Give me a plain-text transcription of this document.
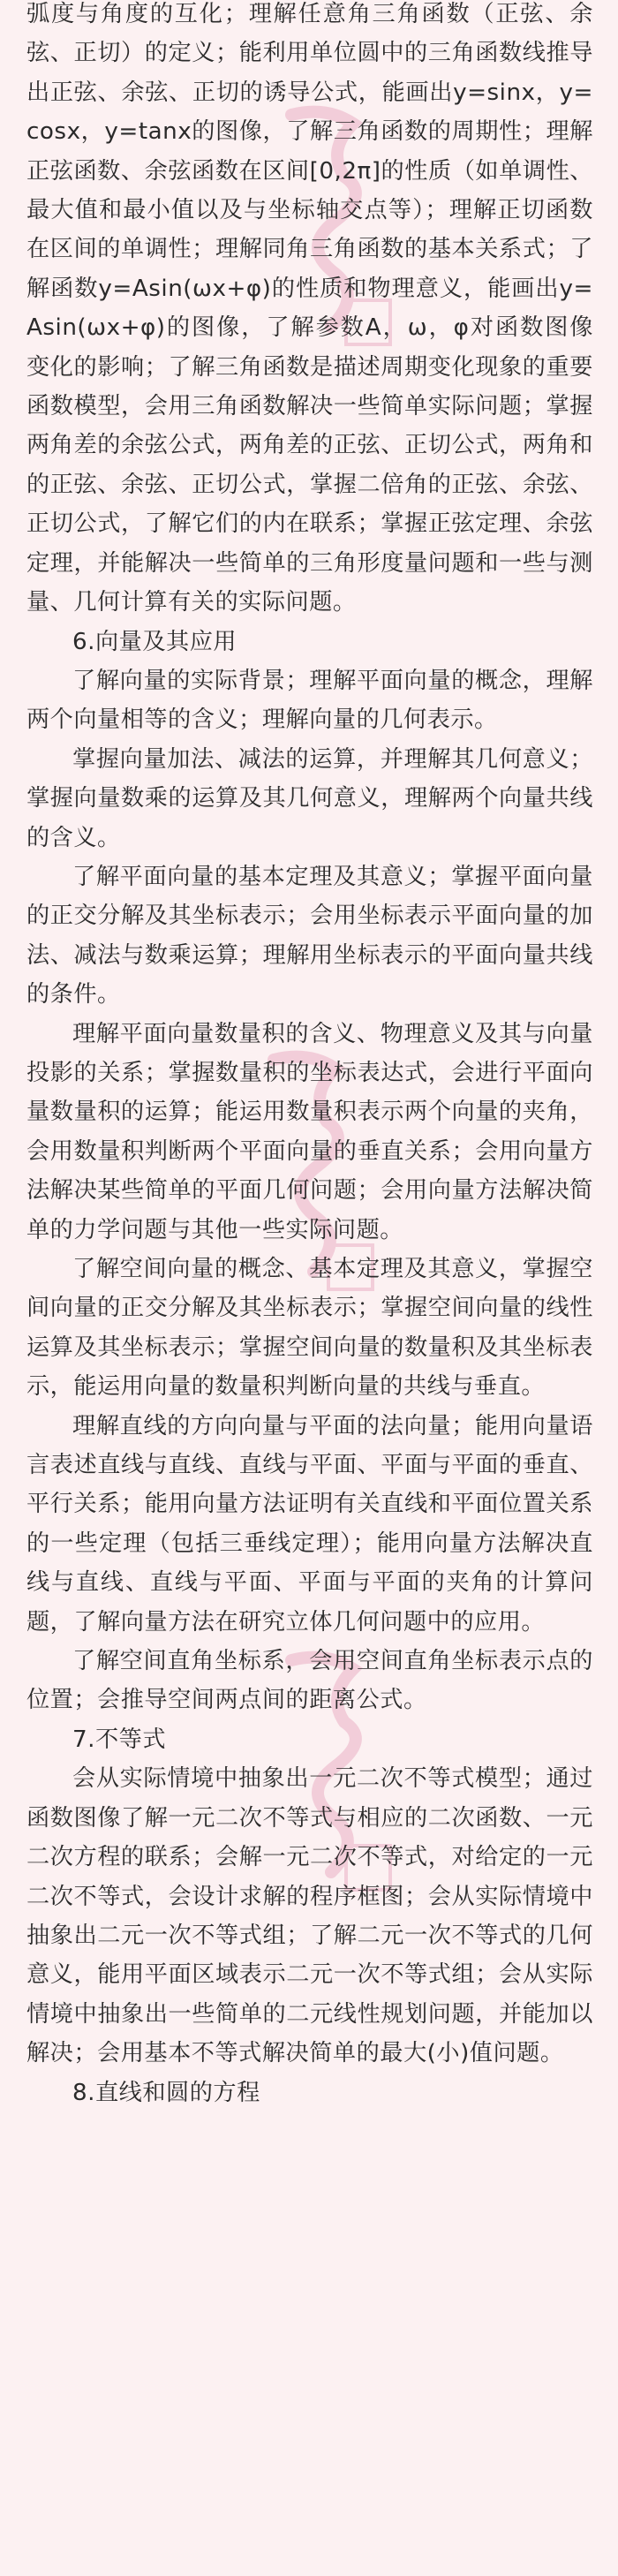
弧度与角度的互化；理解任意角三角函数（正弦、余弦、正切）的定义；能利用单位圆中的三角函数线推导出正弦、余弦、正切的诱导公式，能画出y=sinx，y=cosx，y=tanx的图像，了解三角函数的周期性；理解正弦函数、余弦函数在区间[0,2π]的性质（如单调性、最大值和最小值以及与坐标轴交点等）；理解正切函数在区间的单调性；理解同角三角函数的基本关系式；了解函数y=Asin(ωx+φ)的性质和物理意义，能画出y=Asin(ωx+φ)的图像，了解参数A，ω，φ对函数图像变化的影响；了解三角函数是描述周期变化现象的重要函数模型，会用三角函数解决一些简单实际问题；掌握两角差的余弦公式，两角差的正弦、正切公式，两角和的正弦、余弦、正切公式，掌握二倍角的正弦、余弦、正切公式，了解它们的内在联系；掌握正弦定理、余弦定理，并能解决一些简单的三角形度量问题和一些与测量、几何计算有关的实际问题。

6.向量及其应用

了解向量的实际背景；理解平面向量的概念，理解两个向量相等的含义；理解向量的几何表示。

掌握向量加法、减法的运算，并理解其几何意义；掌握向量数乘的运算及其几何意义，理解两个向量共线的含义。

了解平面向量的基本定理及其意义；掌握平面向量的正交分解及其坐标表示；会用坐标表示平面向量的加法、减法与数乘运算；理解用坐标表示的平面向量共线的条件。

理解平面向量数量积的含义、物理意义及其与向量投影的关系；掌握数量积的坐标表达式，会进行平面向量数量积的运算；能运用数量积表示两个向量的夹角，会用数量积判断两个平面向量的垂直关系；会用向量方法解决某些简单的平面几何问题；会用向量方法解决简单的力学问题与其他一些实际问题。

了解空间向量的概念、基本定理及其意义，掌握空间向量的正交分解及其坐标表示；掌握空间向量的线性运算及其坐标表示；掌握空间向量的数量积及其坐标表示，能运用向量的数量积判断向量的共线与垂直。

理解直线的方向向量与平面的法向量；能用向量语言表述直线与直线、直线与平面、平面与平面的垂直、平行关系；能用向量方法证明有关直线和平面位置关系的一些定理（包括三垂线定理）；能用向量方法解决直线与直线、直线与平面、平面与平面的夹角的计算问题，了解向量方法在研究立体几何问题中的应用。

了解空间直角坐标系，会用空间直角坐标表示点的位置；会推导空间两点间的距离公式。

7.不等式

会从实际情境中抽象出一元二次不等式模型；通过函数图像了解一元二次不等式与相应的二次函数、一元二次方程的联系；会解一元二次不等式，对给定的一元二次不等式，会设计求解的程序框图；会从实际情境中抽象出二元一次不等式组；了解二元一次不等式的几何意义，能用平面区域表示二元一次不等式组；会从实际情境中抽象出一些简单的二元线性规划问题，并能加以解决；会用基本不等式解决简单的最大(小)值问题。

8.直线和圆的方程
